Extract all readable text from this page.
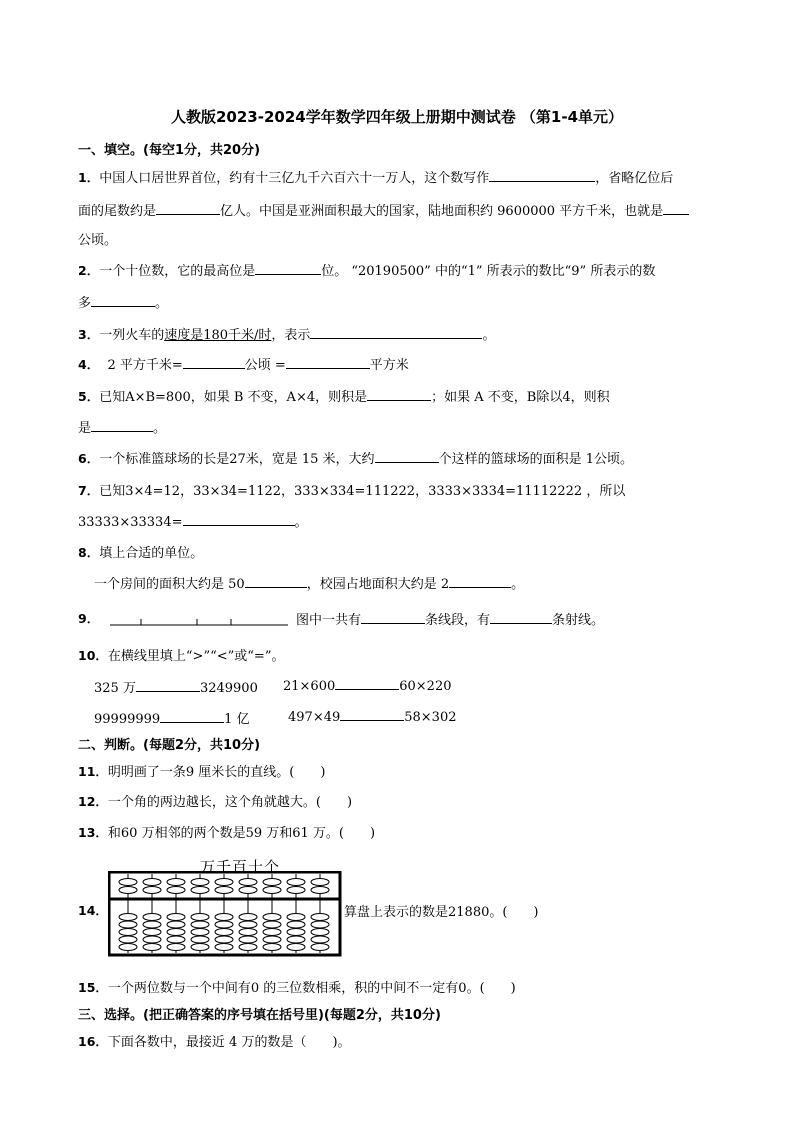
人教版2023-2024学年数学四年级上册期中测试卷 （第1-4单元）
一、填空。(每空1分，共20分)
1．中国人口居世界首位，约有十三亿九千六百六十一万人，这个数写作	，省略亿位后
面的尾数约是	亿人。中国是亚洲面积最大的国家，陆地面积约 9600000 平方千米，也就是
公顷。
2．一个十位数，它的最高位是	位。 “20190500” 中的“1” 所表示的数比“9” 所表示的数
多	。
3．一列火车的速度是180千米/时，表示	。
4． 2 平方千米=	公顷 =	平方米
5．已知A×B=800，如果 B 不变，A×4，则积是	；如果 A 不变，B除以4，则积
是	。
6．一个标准篮球场的长是27米，宽是 15 米，大约	个这样的篮球场的面积是 1公顷。
7．已知3×4=12，33×34=1122，333×334=111222，3333×3334=11112222 ，所以
33333×33334=	。
8．填上合适的单位。
一个房间的面积大约是 50	，校园占地面积大约是 2	。
9．	图中一共有	条线段，有	条射线。
10．在横线里填上“>”“<”或“=”。
325 万	3249900 21×600	60×220
99999999	1 亿	497×49	58×302
二、判断。(每题2分，共10分)
11．明明画了一条9 厘米长的直线。(　　)
12．一个角的两边越长，这个角就越大。(　　)
13．和60 万相邻的两个数是59 万和61 万。(　　)
万千百十个
14．	算盘上表示的数是21880。(　　)
15．一个两位数与一个中间有0 的三位数相乘，积的中间不一定有0。(　　)
三、选择。(把正确答案的序号填在括号里)(每题2分，共10分)
16．下面各数中，最接近 4 万的数是（　　)。
